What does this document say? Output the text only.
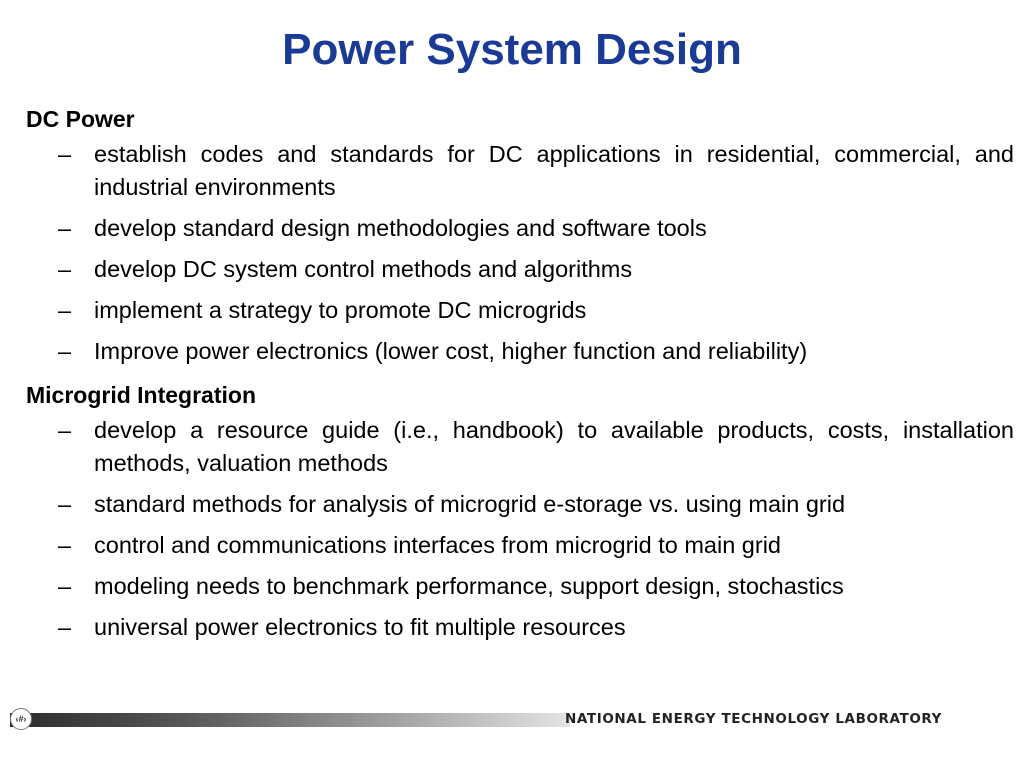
Power System Design

DC Power

– establish codes and standards for DC applications in residential, commercial, and industrial environments
– develop standard design methodologies and software tools
– develop DC system control methods and algorithms
– implement a strategy to promote DC microgrids
– Improve power electronics (lower cost, higher function and reliability)

Microgrid Integration

– develop a resource guide (i.e., handbook) to available products, costs, installation methods, valuation methods
– standard methods for analysis of microgrid e-storage vs. using main grid
– control and communications interfaces from microgrid to main grid
– modeling needs to benchmark performance, support design, stochastics
– universal power electronics to fit multiple resources
‹#›	NATIONAL ENERGY TECHNOLOGY LABORATORY
